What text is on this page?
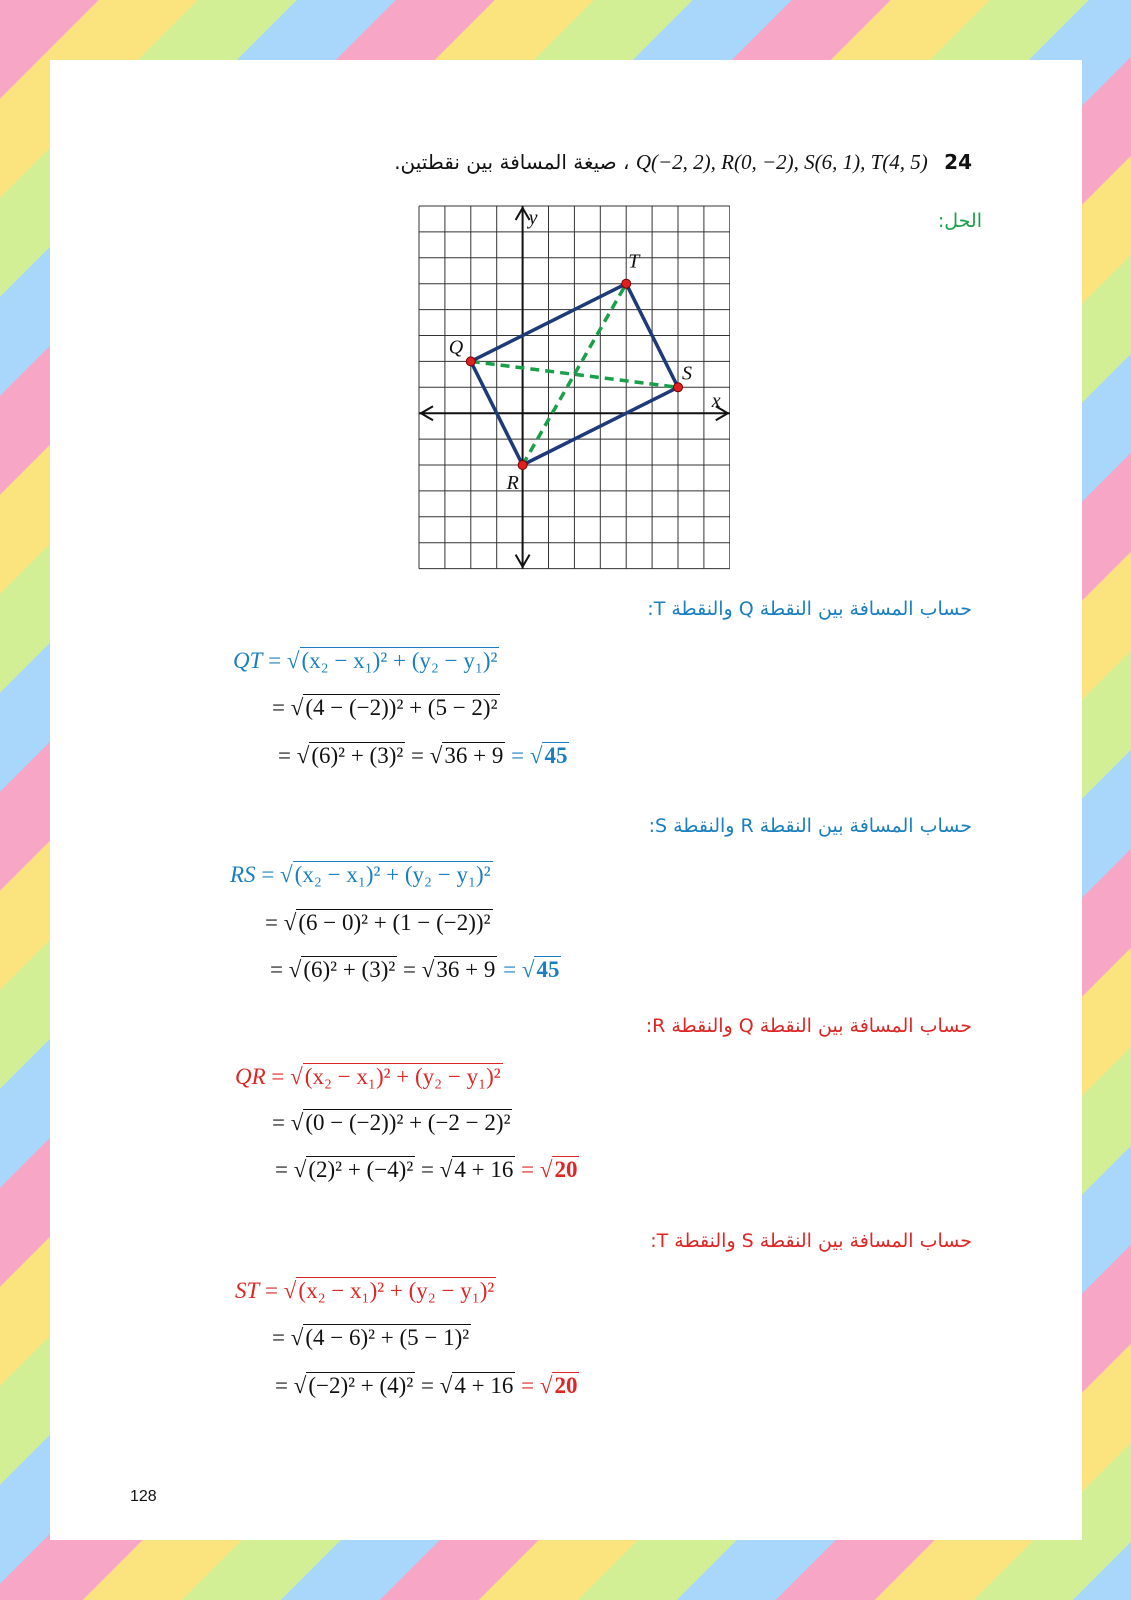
24 Q(−2, 2), R(0, −2), S(6, 1), T(4, 5) ، صيغة المسافة بين نقطتين.
الحل:
x
y
Q
R
S
T
حساب المسافة بين النقطة Q والنقطة T:
QT = √(x₂ − x₁)² + (y₂ − y₁)²
= √(4 − (−2))² + (5 − 2)²
= √(6)² + (3)² = √36 + 9 = √45
حساب المسافة بين النقطة R والنقطة S:
RS = √(x₂ − x₁)² + (y₂ − y₁)²
= √(6 − 0)² + (1 − (−2))²
= √(6)² + (3)² = √36 + 9 = √45
حساب المسافة بين النقطة Q والنقطة R:
QR = √(x₂ − x₁)² + (y₂ − y₁)²
= √(0 − (−2))² + (−2 − 2)²
= √(2)² + (−4)² = √4 + 16 = √20
حساب المسافة بين النقطة S والنقطة T:
ST = √(x₂ − x₁)² + (y₂ − y₁)²
= √(4 − 6)² + (5 − 1)²
= √(−2)² + (4)² = √4 + 16 = √20
128
